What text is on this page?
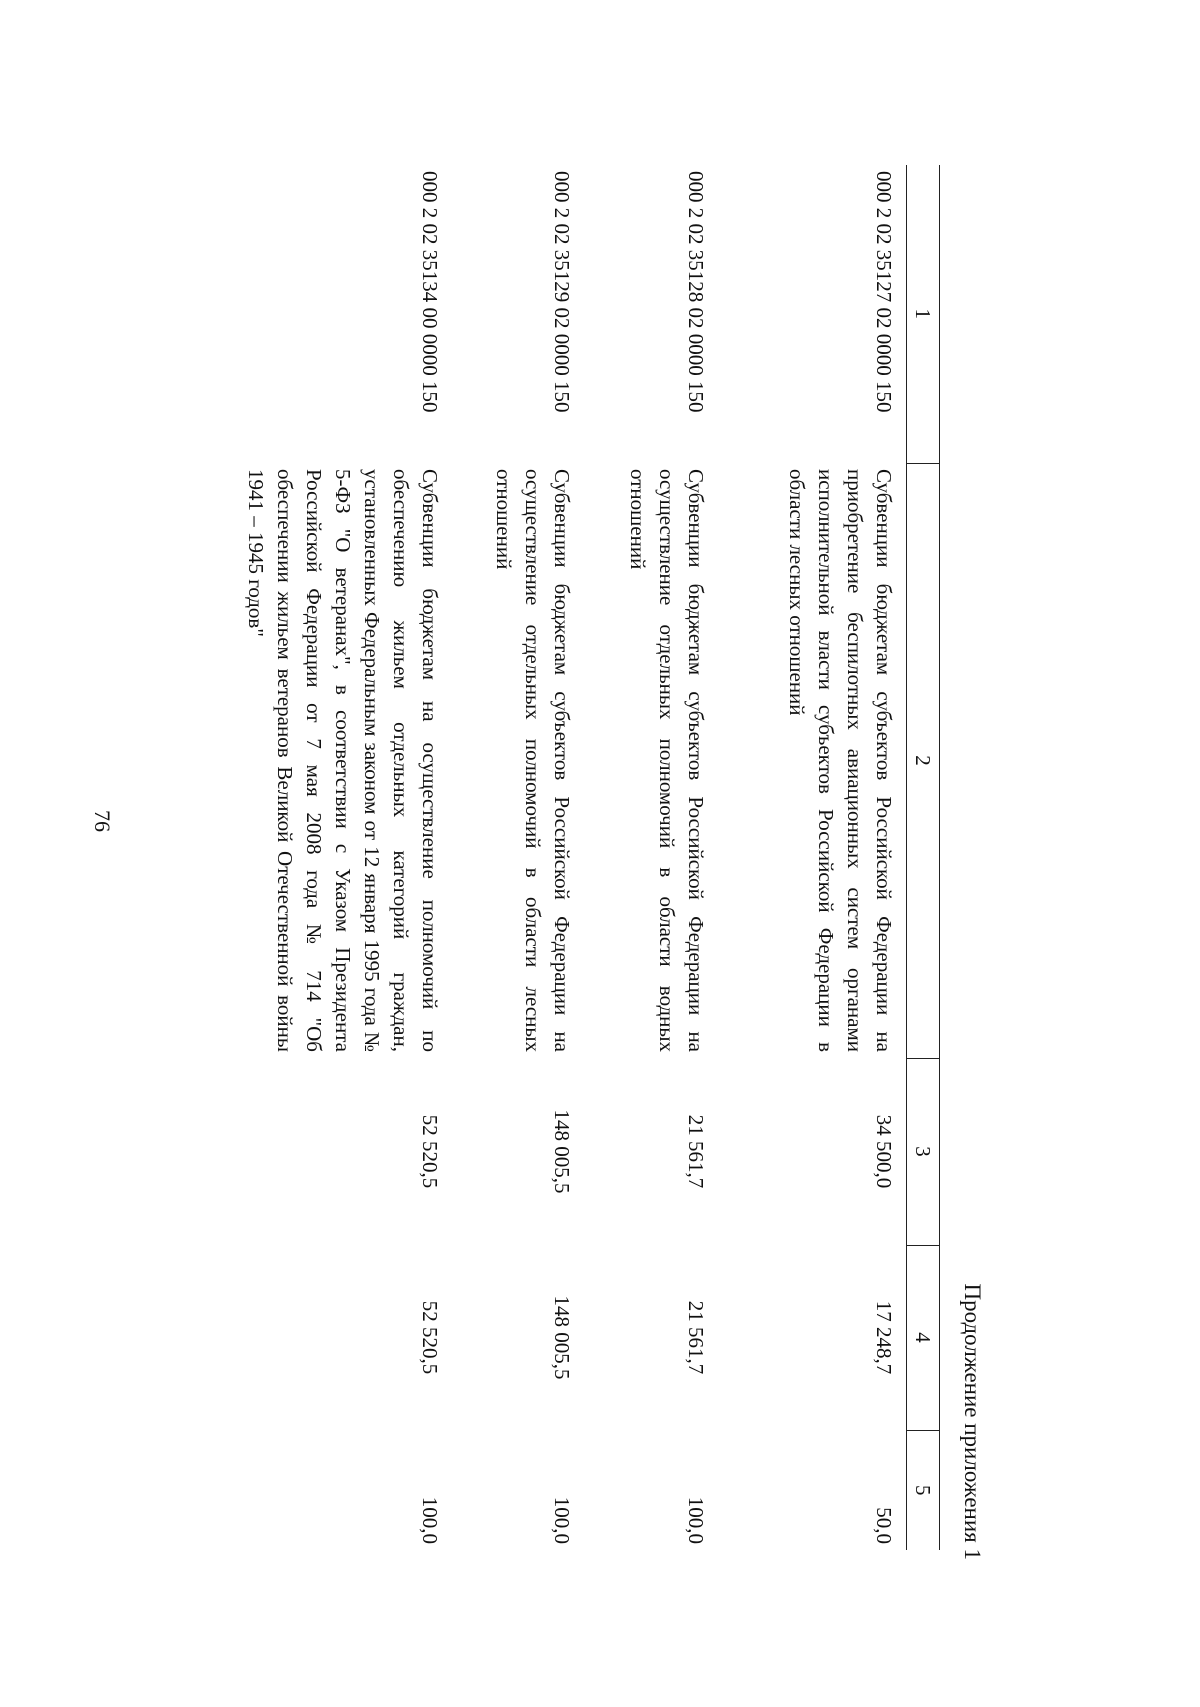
76
Продолжение приложения 1
1	2	3	4	5
000 2 02 35127 02 0000 150	Субвенции бюджетам субъектов Российской Федерации на приобретение беспилотных авиационных систем органами исполнительной власти субъектов Российской Федерации в области лесных отношений	34 500,0	17 248,7	50,0
000 2 02 35128 02 0000 150	Субвенции бюджетам субъектов Российской Федерации на осуществление отдельных полномочий в области водных отношений	21 561,7	21 561,7	100,0
000 2 02 35129 02 0000 150	Субвенции бюджетам субъектов Российской Федерации на осуществление отдельных полномочий в области лесных отношений	148 005,5	148 005,5	100,0
000 2 02 35134 00 0000 150	Субвенции бюджетам на осуществление полномочий по обеспечению жильем отдельных категорий граждан, установленных Федеральным законом от 12 января 1995 года № 5-ФЗ "О ветеранах", в соответствии с Указом Президента Российской Федерации от 7 мая 2008 года № 714 "Об обеспечении жильем ветеранов Великой Отечественной войны 1941 – 1945 годов"	52 520,5	52 520,5	100,0
